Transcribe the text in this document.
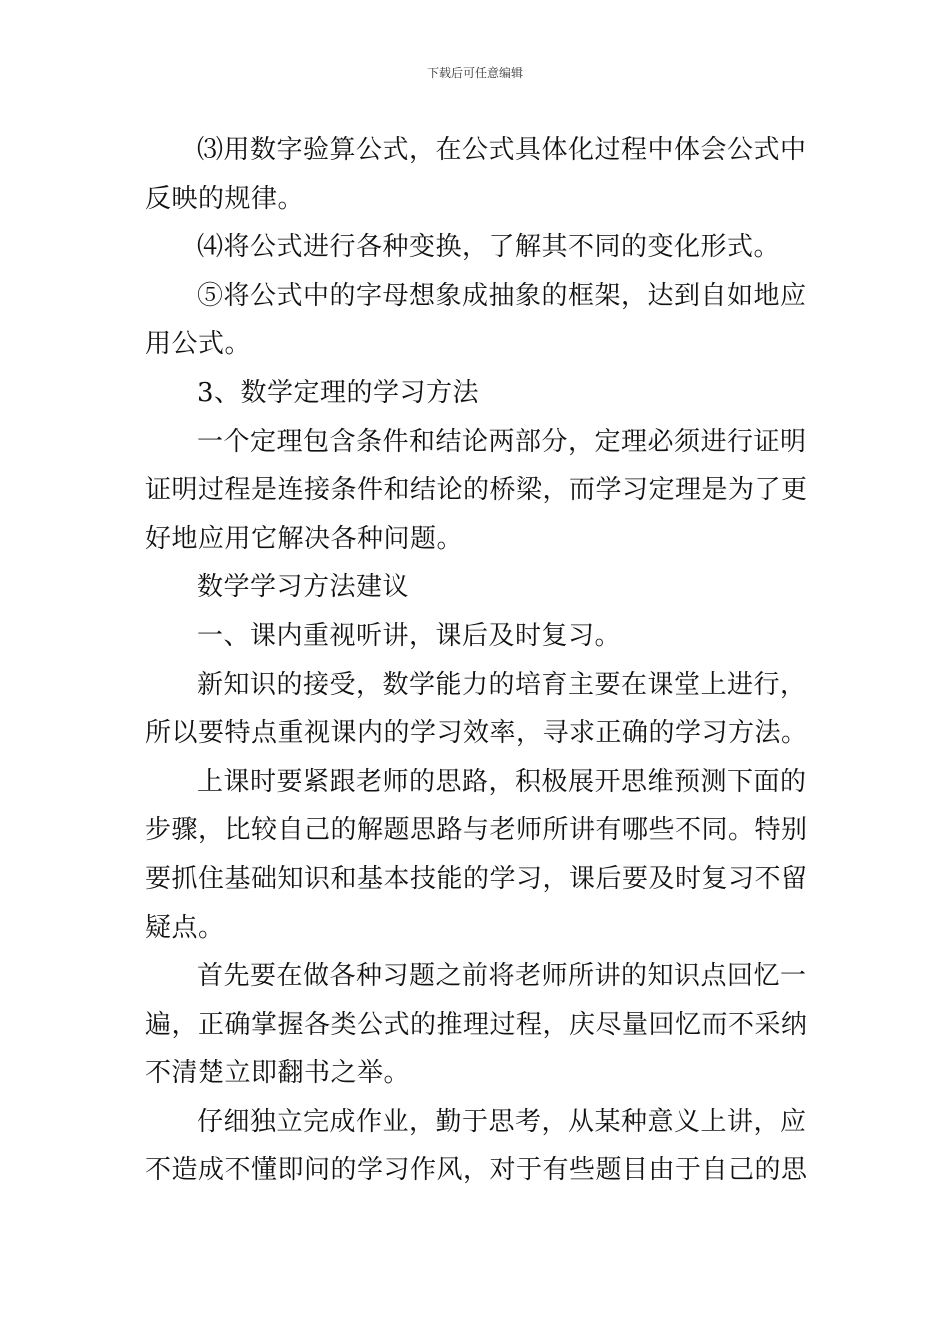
下载后可任意编辑
⑶用数字验算公式，在公式具体化过程中体会公式中
反映的规律。
⑷将公式进行各种变换，了解其不同的变化形式。
⑤将公式中的字母想象成抽象的框架，达到自如地应
用公式。
3、数学定理的学习方法
一个定理包含条件和结论两部分，定理必须进行证明
证明过程是连接条件和结论的桥梁，而学习定理是为了更
好地应用它解决各种问题。
数学学习方法建议
一、课内重视听讲，课后及时复习。
新知识的接受，数学能力的培育主要在课堂上进行，
所以要特点重视课内的学习效率，寻求正确的学习方法。
上课时要紧跟老师的思路，积极展开思维预测下面的
步骤，比较自己的解题思路与老师所讲有哪些不同。特别
要抓住基础知识和基本技能的学习，课后要及时复习不留
疑点。
首先要在做各种习题之前将老师所讲的知识点回忆一
遍，正确掌握各类公式的推理过程，庆尽量回忆而不采纳
不清楚立即翻书之举。
仔细独立完成作业，勤于思考，从某种意义上讲，应
不造成不懂即问的学习作风，对于有些题目由于自己的思
